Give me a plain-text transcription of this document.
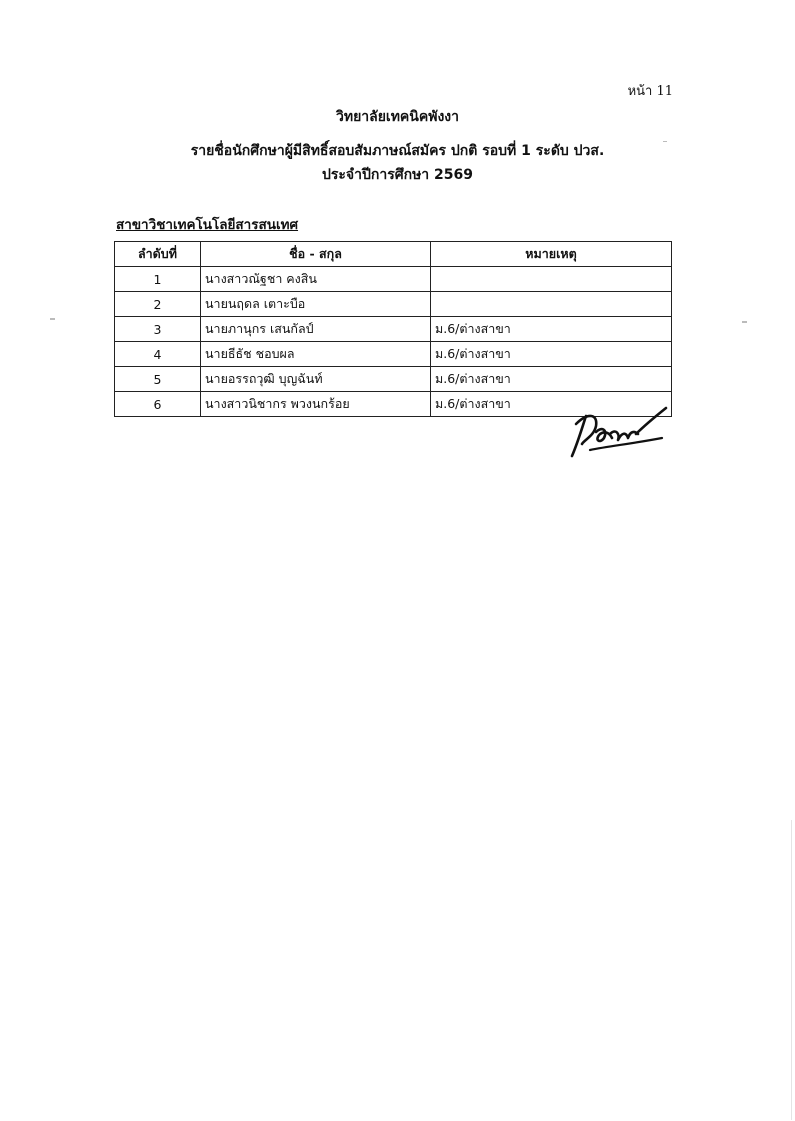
หน้า 11
วิทยาลัยเทคนิคพังงา
รายชื่อนักศึกษาผู้มีสิทธิ์สอบสัมภาษณ์สมัคร ปกติ รอบที่ 1 ระดับ ปวส.
ประจำปีการศึกษา 2569
สาขาวิชาเทคโนโลยีสารสนเทศ
ลำดับที่	ชื่อ - สกุล	หมายเหตุ
1	นางสาวณัฐชา คงสิน	
2	นายนฤดล เตาะบือ	
3	นายภานุกร เสนกัลป์	ม.6/ต่างสาขา
4	นายธีธัช ชอบผล	ม.6/ต่างสาขา
5	นายอรรถวุฒิ บุญฉันท์	ม.6/ต่างสาขา
6	นางสาวนิชากร พวงนกร้อย	ม.6/ต่างสาขา
